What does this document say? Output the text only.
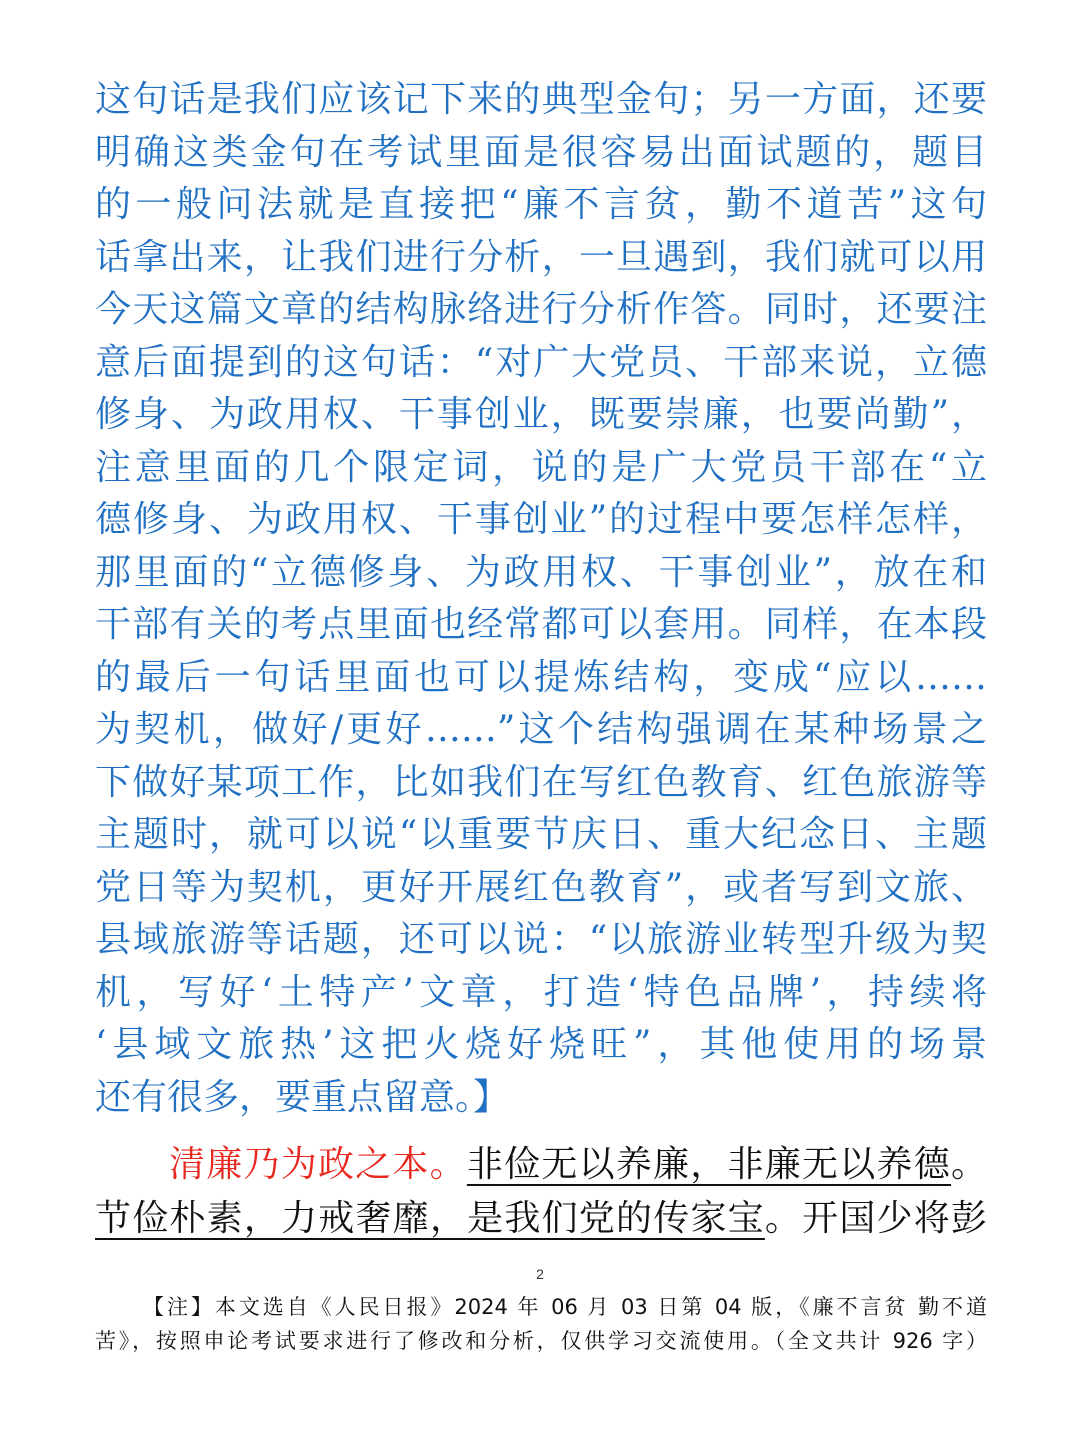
这句话是我们应该记下来的典型金句；另一方面，还要
明确这类金句在考试里面是很容易出面试题的，题目
的一般问法就是直接把“廉不言贫，勤不道苦”这句
话拿出来，让我们进行分析，一旦遇到，我们就可以用
今天这篇文章的结构脉络进行分析作答。同时，还要注
意后面提到的这句话：“对广大党员、干部来说，立德
修身、为政用权、干事创业，既要崇廉，也要尚勤”，
注意里面的几个限定词，说的是广大党员干部在“立
德修身、为政用权、干事创业”的过程中要怎样怎样，
那里面的“立德修身、为政用权、干事创业”，放在和
干部有关的考点里面也经常都可以套用。同样，在本段
的最后一句话里面也可以提炼结构，变成“应以……
为契机，做好/更好……”这个结构强调在某种场景之
下做好某项工作，比如我们在写红色教育、红色旅游等
主题时，就可以说“以重要节庆日、重大纪念日、主题
党日等为契机，更好开展红色教育”，或者写到文旅、
县域旅游等话题，还可以说：“以旅游业转型升级为契
机，写好‘土特产’文章，打造‘特色品牌’，持续将
‘县域文旅热’这把火烧好烧旺”，其他使用的场景
还有很多，要重点留意。】
清廉乃为政之本。非俭无以养廉，非廉无以养德。
节俭朴素，力戒奢靡，是我们党的传家宝。开国少将彭
2
【注】本文选自《人民日报》2024 年 06 月 03 日第 04 版，《廉不言贫 勤不道
苦》，按照申论考试要求进行了修改和分析，仅供学习交流使用。（全文共计 926 字）
